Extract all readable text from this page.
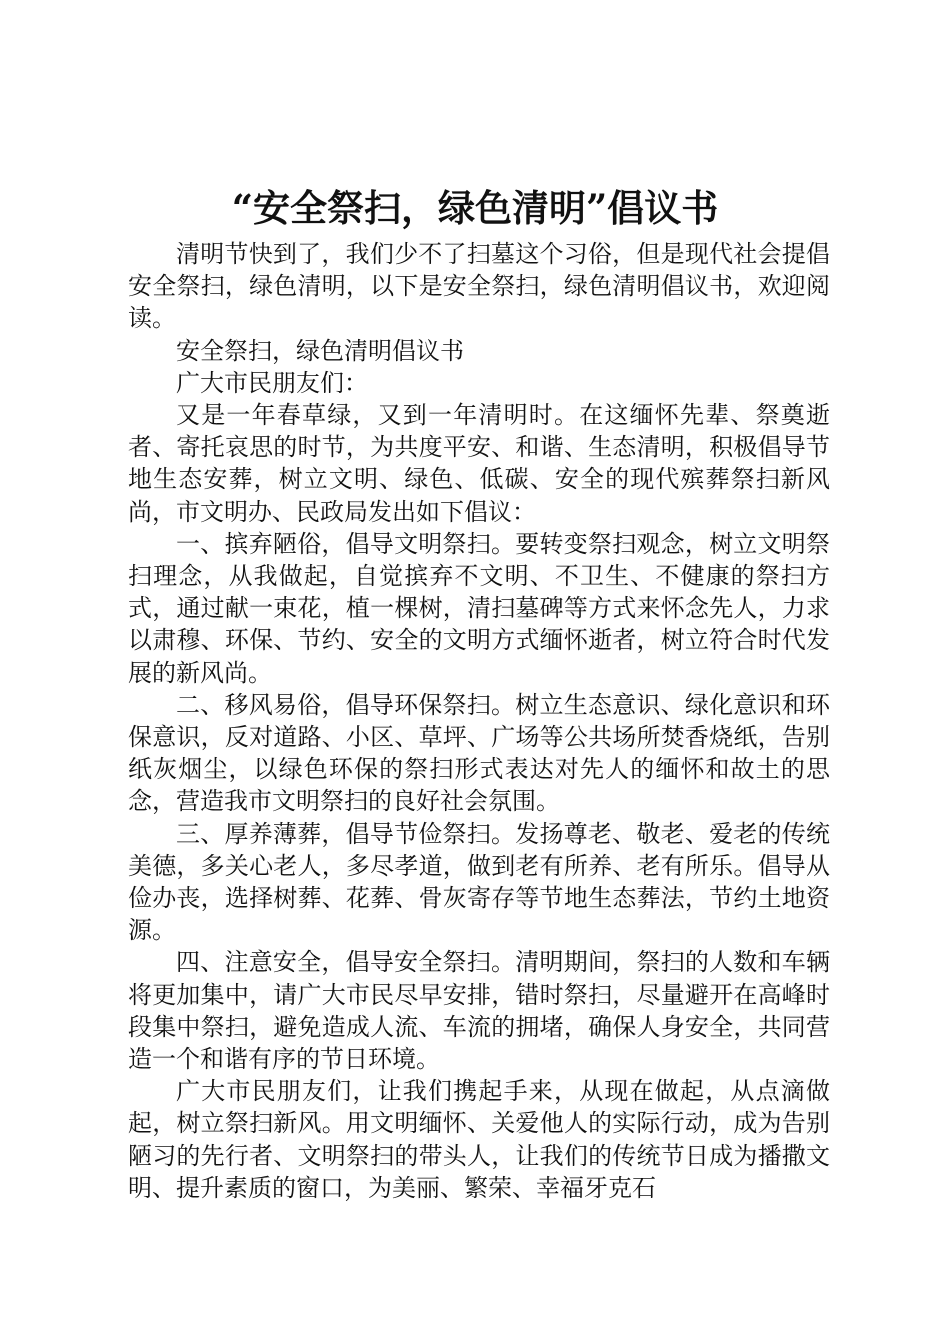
“安全祭扫，绿色清明”倡议书

清明节快到了，我们少不了扫墓这个习俗，但是现代社会提倡安全祭扫，绿色清明，以下是安全祭扫，绿色清明倡议书，欢迎阅读。

安全祭扫，绿色清明倡议书

广大市民朋友们：

又是一年春草绿，又到一年清明时。在这缅怀先辈、祭奠逝者、寄托哀思的时节，为共度平安、和谐、生态清明，积极倡导节地生态安葬，树立文明、绿色、低碳、安全的现代殡葬祭扫新风尚，市文明办、民政局发出如下倡议：

一、摈弃陋俗，倡导文明祭扫。要转变祭扫观念，树立文明祭扫理念，从我做起，自觉摈弃不文明、不卫生、不健康的祭扫方式，通过献一束花，植一棵树，清扫墓碑等方式来怀念先人，力求以肃穆、环保、节约、安全的文明方式缅怀逝者，树立符合时代发展的新风尚。

二、移风易俗，倡导环保祭扫。树立生态意识、绿化意识和环保意识，反对道路、小区、草坪、广场等公共场所焚香烧纸，告别纸灰烟尘，以绿色环保的祭扫形式表达对先人的缅怀和故土的思念，营造我市文明祭扫的良好社会氛围。

三、厚养薄葬，倡导节俭祭扫。发扬尊老、敬老、爱老的传统美德，多关心老人，多尽孝道，做到老有所养、老有所乐。倡导从俭办丧，选择树葬、花葬、骨灰寄存等节地生态葬法，节约土地资源。

四、注意安全，倡导安全祭扫。清明期间，祭扫的人数和车辆将更加集中，请广大市民尽早安排，错时祭扫，尽量避开在高峰时段集中祭扫，避免造成人流、车流的拥堵，确保人身安全，共同营造一个和谐有序的节日环境。

广大市民朋友们，让我们携起手来，从现在做起，从点滴做起，树立祭扫新风。用文明缅怀、关爱他人的实际行动，成为告别陋习的先行者、文明祭扫的带头人，让我们的传统节日成为播撒文明、提升素质的窗口，为美丽、繁荣、幸福牙克石
